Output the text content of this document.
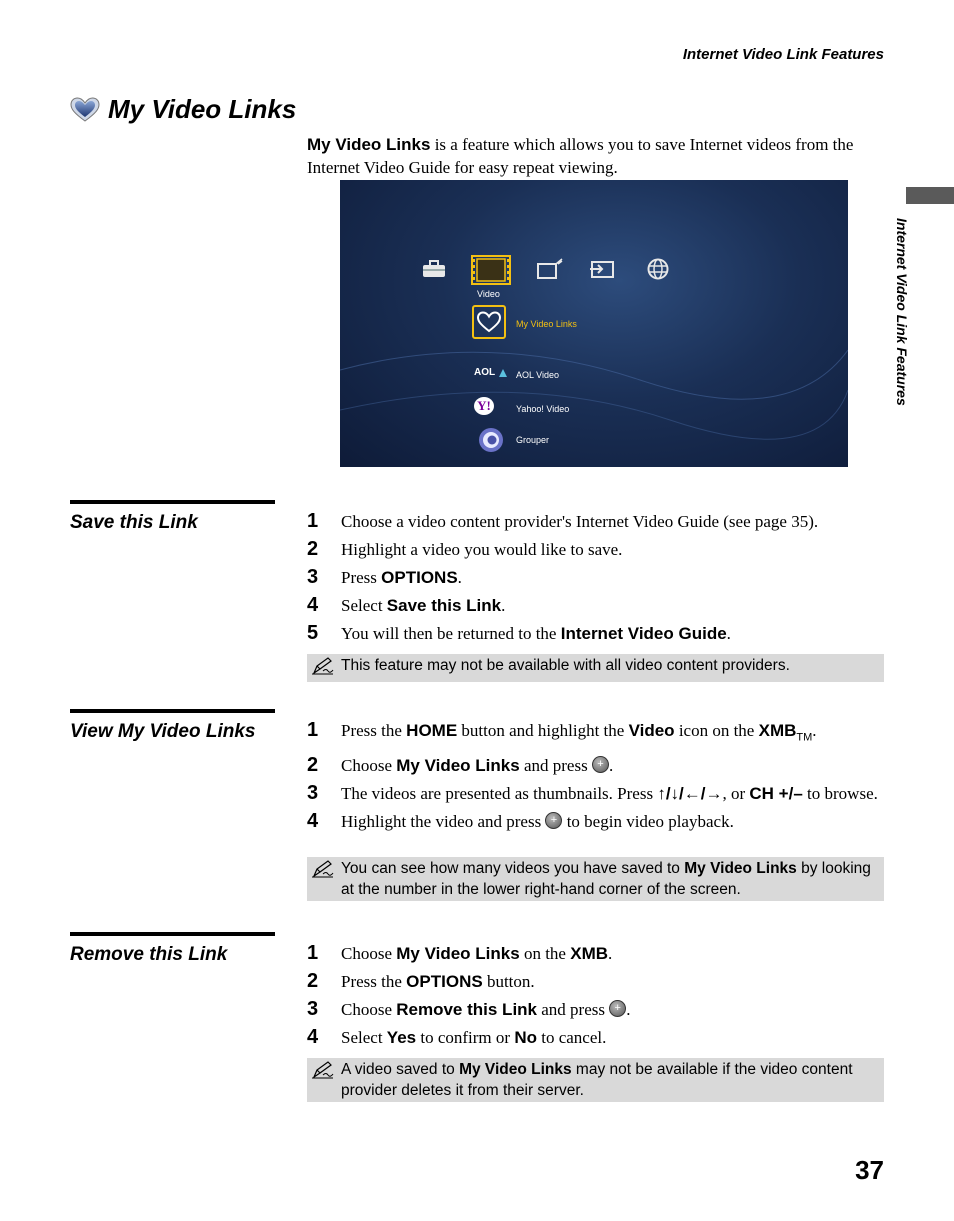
Internet Video Link Features
My Video Links
My Video Links is a feature which allows you to save Internet videos from the Internet Video Guide for easy repeat viewing.
Video
My Video Links
AOL AOL Video
Y!	Yahoo! Video
Grouper
Internet Video Link Features
Save this Link	1	Choose a video content provider's Internet Video Guide (see page 35).
2	Highlight a video you would like to save.
3	Press OPTIONS.
4	Select Save this Link.
5	You will then be returned to the Internet Video Guide.
This feature may not be available with all video content providers.
View My Video Links	1	Press the HOME button and highlight the Video icon on the $XMB_{TM}$.
2	Choose My Video Links and press +.
3	The videos are presented as thumbnails. Press ↑/↓/←/→, or CH +/– to browse.
4	Highlight the video and press + to begin video playback.
You can see how many videos you have saved to My Video Links by looking at the number in the lower right-hand corner of the screen.
Remove this Link	1	Choose My Video Links on the XMB.
2	Press the OPTIONS button.
3	Choose Remove this Link and press +.
4	Select Yes to confirm or No to cancel.
A video saved to My Video Links may not be available if the video content provider deletes it from their server.
37
